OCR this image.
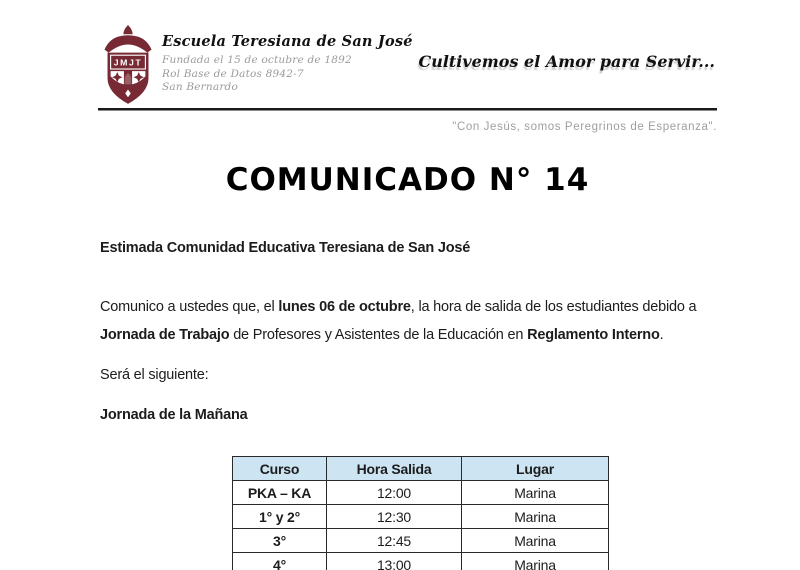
JMJT
Escuela Teresiana de San José
Fundada el 15 de octubre de 1892
Rol Base de Datos 8942-7
San Bernardo
Cultivemos el Amor para Servir...
"Con Jesús, somos Peregrinos de Esperanza".
COMUNICADO N° 14
Estimada Comunidad Educativa Teresiana de San José
Comunico a ustedes que, el lunes 06 de octubre, la hora de salida de los estudiantes debido a
Jornada de Trabajo de Profesores y Asistentes de la Educación en Reglamento Interno.
Será el siguiente:
Jornada de la Mañana
Curso	Hora Salida	Lugar
PKA – KA	12:00	Marina
1° y 2°	12:30	Marina
3°	12:45	Marina
4°	13:00	Marina
